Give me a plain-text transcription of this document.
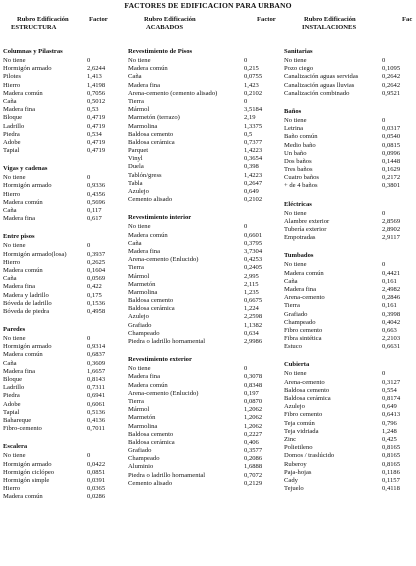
FACTORES DE EDIFICACION PARA URBANO
Rubro Edificación
ESTRUCTURA
Factor
Columnas y Pilastras
No tiene	0
Hormigón armado	2,6244
Pilotes	1,413
Hierro	1,4198
Madera común	0,7056
Caña	0,5012
Madera fina	0,53
Bloque	0,4719
Ladrillo	0,4719
Piedra	0,534
Adobe	0,4719
Tapial	0,4719
Vigas y cadenas
No tiene	0
Hormigón armado	0,9336
Hierro	0,4356
Madera común	0,5696
Caña	0,117
Madera fina	0,617
Entre pisos
No tiene	0
Hormigón armado(losa)	0,3937
Hierro	0,2625
Madera común	0,1604
Caña	0,0569
Madera fina	0,422
Madera y ladrillo	0,175
Bóveda de ladrillo	0,1536
Bóveda de piedra	0,4958
Paredes
No tiene	0
Hormigón armado	0,9314
Madera común	0,6837
Caña	0,3609
Madera fina	1,6657
Bloque	0,8143
Ladrillo	0,7311
Piedra	0,6941
Adobe	0,6061
Tapial	0,5136
Bahareque	0,4136
Fibro-cemento	0,7011
Escalera
No tiene	0
Hormigón armado	0,0422
Hormigón ciclópeo	0,0851
Hormigón simple	0,0391
Hierro	0,0365
Madera común	0,0286
Rubro Edificación
ACABADOS
Factor
Revestimiento de Pisos
No tiene	0
Madera común	0,215
Caña	0,0755
Madera fina	1,423
Arena-cemento (cemento alisado)	0,2102
Tierra	0
Mármol	3,5184
Marmetón (terrazo)	2,19
Marmolina	1,3375
Baldosa cemento	0,5
Baldosa cerámica	0,7377
Parquet	1,4223
Vinyl	0,3654
Duela	0,398
Tablón/gress	1,4223
Tabla	0,2647
Azulejo	0,649
Cemento alisado	0,2102
Revestimiento interior
No tiene	0
Madera común	0,6601
Caña	0,3795
Madera fina	3,7304
Arena-cemento (Enlucido)	0,4253
Tierra	0,2405
Mármol	2,995
Marmetón	2,115
Marmolina	1,235
Baldosa cemento	0,6675
Baldosa cerámica	1,224
Azulejo	2,2598
Grafiado	1,1382
Champeado	0,634
Piedra o ladrillo hornamental	2,9986
Revestimiento exterior
No tiene	0
Madera fina	0,3078
Madera común	0,8348
Arena-cemento (Enlucido)	0,197
Tierra	0,0870
Mármol	1,2062
Marmetón	1,2062
Marmolina	1,2062
Baldosa cemento	0,2227
Baldosa cerámica	0,406
Grafiado	0,3577
Champeado	0,2086
Aluminio	1,6888
Piedra o ladrillo hornamental	0,7072
Cemento alisado	0,2129
Rubro Edificación
INSTALACIONES
Fac
Sanitarias
No tiene	0
Pozo ciego	0,1095
Canalización aguas servidas	0,2642
Canalización aguas lluvias	0,2642
Canalización combinado	0,9521
Baños
No tiene	0
Letrina	0,0317
Baño común	0,0540
Medio baño	0,0815
Un baño	0,0996
Dos baños	0,1448
Tres baños	0,1629
Cuatro baños	0,2172
+ de 4 baños	0,3801
Eléctricas
No tiene	0
Alambre exterior	2,8569
Tubería exterior	2,8902
Empotradas	2,9117
Tumbados
No tiene	0
Madera común	0,4421
Caña	0,161
Madera fina	2,4982
Arena-cemento	0,2846
Tierra	0,161
Grafiado	0,3998
Champeado	0,4042
Fibro cemento	0,663
Fibra sintética	2,2103
Estuco	0,6631
Cubierta
No tiene	0
Arena-cemento	0,3127
Baldosa cemento	0,554
Baldosa cerámica	0,8174
Azulejo	0,649
Fibro cemento	0,6413
Teja común	0,796
Teja vidriada	1,248
Zinc	0,425
Polietileno	0,8165
Domos / traslúcido	0,8165
Ruberoy	0,8165
Paja-hojas	0,1186
Cady	0,1157
Tejuelo	0,4118
